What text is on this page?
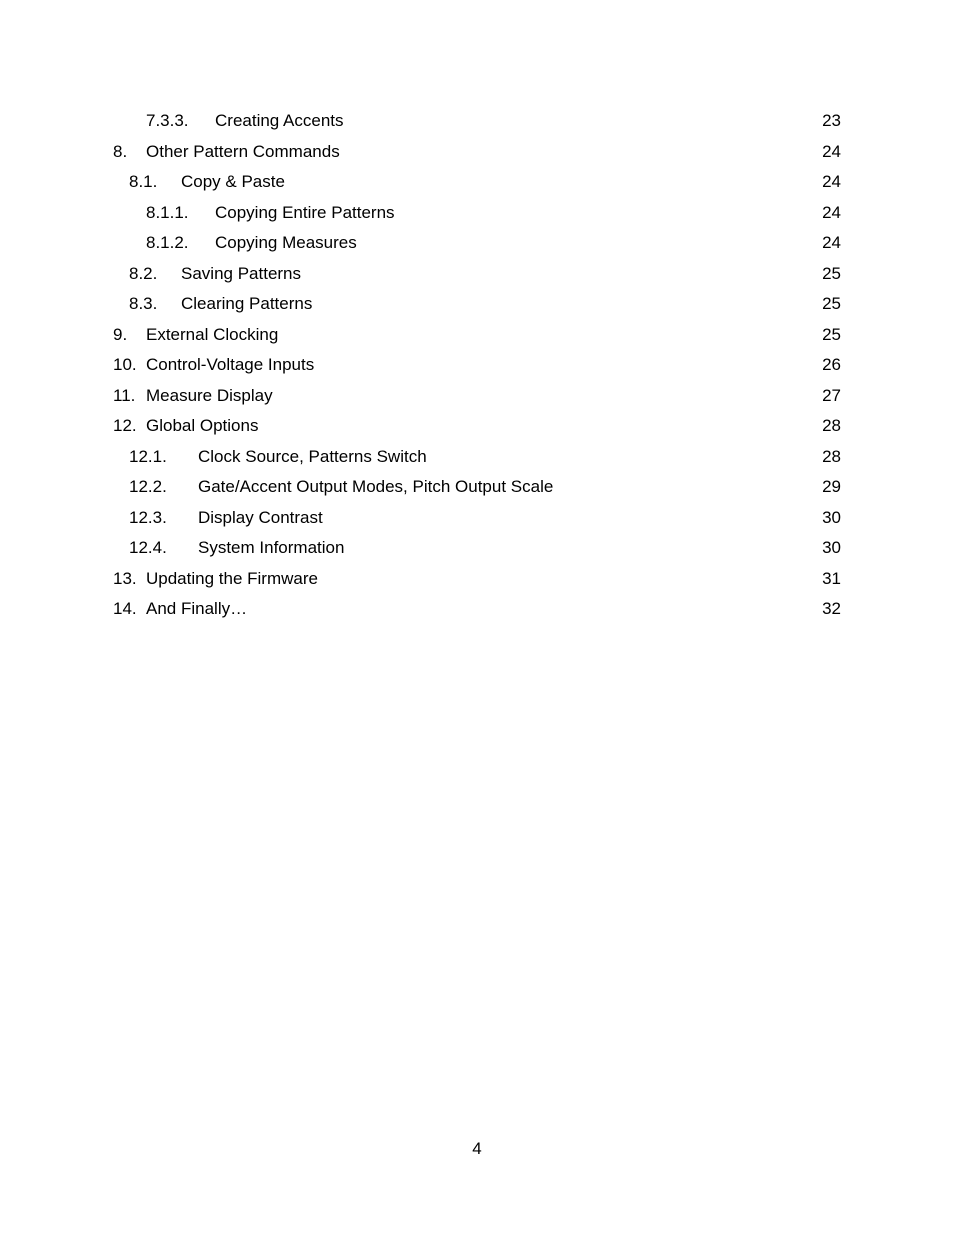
7.3.3. Creating Accents	23
8. Other Pattern Commands	24
8.1. Copy & Paste	24
8.1.1. Copying Entire Patterns	24
8.1.2. Copying Measures	24
8.2. Saving Patterns	25
8.3. Clearing Patterns	25
9. External Clocking	25
10. Control-Voltage Inputs	26
11. Measure Display	27
12. Global Options	28
12.1. Clock Source, Patterns Switch	28
12.2. Gate/Accent Output Modes, Pitch Output Scale	29
12.3. Display Contrast	30
12.4. System Information	30
13. Updating the Firmware	31
14. And Finally…	32
4
